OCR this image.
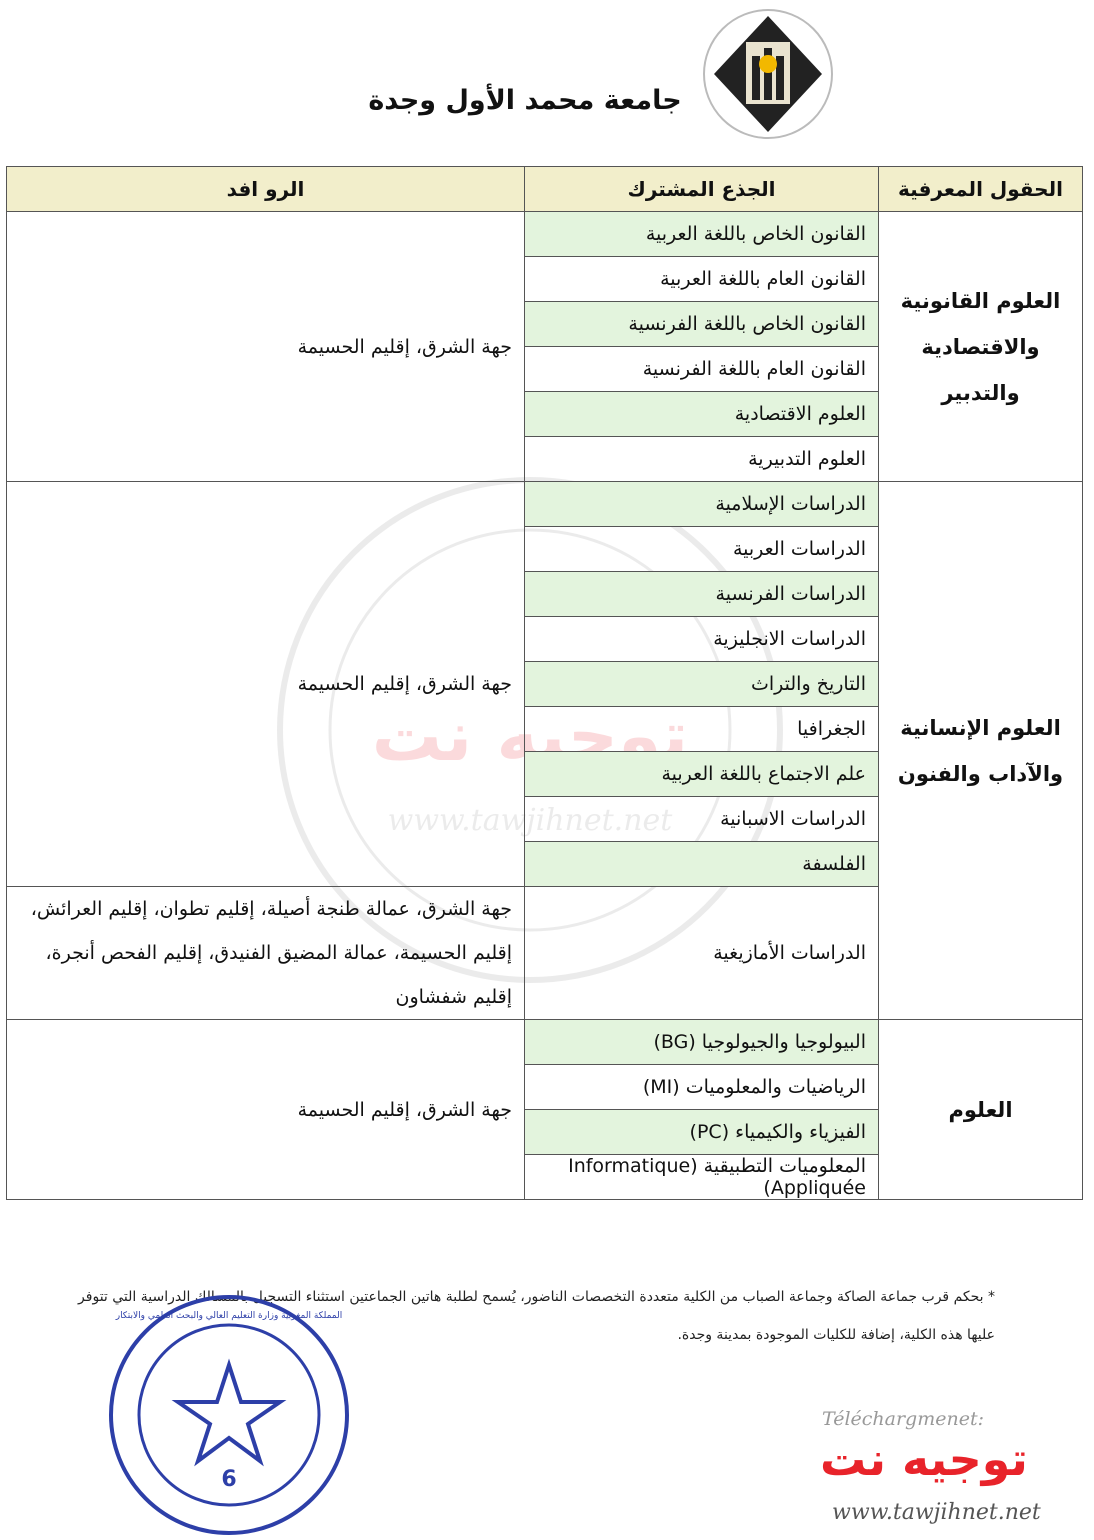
جامعة محمد الأول وجدة
توجيه نت
www.tawjihnet.net
الحقول المعرفية	الجذع المشترك	الرو افد
العلوم القانونية والاقتصادية والتدبير	القانون الخاص باللغة العربية	جهة الشرق، إقليم الحسيمة
	القانون العام باللغة العربية	
	القانون الخاص باللغة الفرنسية	
	القانون العام باللغة الفرنسية	
	العلوم الاقتصادية	
	العلوم التدبيرية	
العلوم الإنسانية والآداب والفنون	الدراسات الإسلامية	جهة الشرق، إقليم الحسيمة
	الدراسات العربية	
	الدراسات الفرنسية	
	الدراسات الانجليزية	
	التاريخ والتراث	
	الجغرافيا	
	علم الاجتماع باللغة العربية	
	الدراسات الاسبانية	
	الفلسفة	
	الدراسات الأمازيغية	جهة الشرق، عمالة طنجة أصيلة، إقليم تطوان، إقليم العرائش، إقليم الحسيمة، عمالة المضيق الفنيدق، إقليم الفحص أنجرة، إقليم شفشاون
العلوم	البيولوجيا والجيولوجيا (BG)	جهة الشرق، إقليم الحسيمة
	الرياضيات والمعلوميات (MI)	
	الفيزياء والكيمياء (PC)	
	المعلوميات التطبيقية (Informatique Appliquée)	
* بحكم قرب جماعة الصاكة وجماعة الصباب من الكلية متعددة التخصصات الناضور، يُسمح لطلبة هاتين الجماعتين استثناء التسجيل بالمسالك الدراسية التي تتوفر عليها هذه الكلية، إضافة للكليات الموجودة بمدينة وجدة.
6
المملكة المغربية وزارة التعليم العالي والبحث العلمي والابتكار
Téléchargmenet:
توجيه نت
www.tawjihnet.net
